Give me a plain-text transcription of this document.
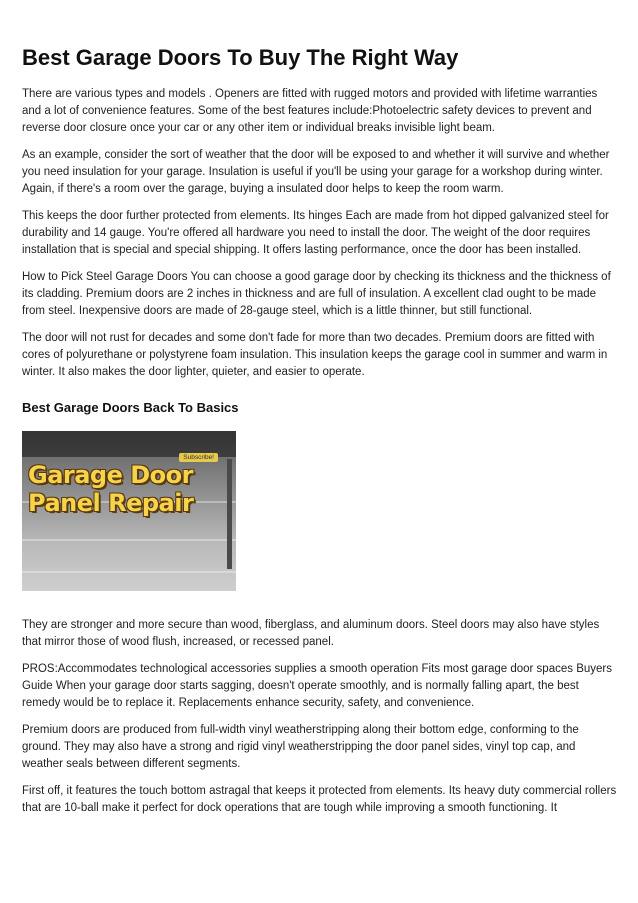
Best Garage Doors To Buy The Right Way

There are various types and models . Openers are fitted with rugged motors and provided with lifetime warranties and a lot of convenience features. Some of the best features include:Photoelectric safety devices to prevent and reverse door closure once your car or any other item or individual breaks invisible light beam.

As an example, consider the sort of weather that the door will be exposed to and whether it will survive and whether you need insulation for your garage. Insulation is useful if you'll be using your garage for a workshop during winter. Again, if there's a room over the garage, buying a insulated door helps to keep the room warm.

This keeps the door further protected from elements. Its hinges Each are made from hot dipped galvanized steel for durability and 14 gauge. You're offered all hardware you need to install the door. The weight of the door requires installation that is special and special shipping. It offers lasting performance, once the door has been installed.

How to Pick Steel Garage Doors You can choose a good garage door by checking its thickness and the thickness of its cladding. Premium doors are 2 inches in thickness and are full of insulation. A excellent clad ought to be made from steel. Inexpensive doors are made of 28-gauge steel, which is a little thinner, but still functional.

The door will not rust for decades and some don't fade for more than two decades. Premium doors are fitted with cores of polyurethane or polystyrene foam insulation. This insulation keeps the garage cool in summer and warm in winter. It also makes the door lighter, quieter, and easier to operate.

Best Garage Doors Back To Basics
Subscribe!
Garage Door
Panel Repair

They are stronger and more secure than wood, fiberglass, and aluminum doors. Steel doors may also have styles that mirror those of wood flush, increased, or recessed panel.

PROS:Accommodates technological accessories supplies a smooth operation Fits most garage door spaces Buyers Guide When your garage door starts sagging, doesn't operate smoothly, and is normally falling apart, the best remedy would be to replace it. Replacements enhance security, safety, and convenience.

Premium doors are produced from full-width vinyl weatherstripping along their bottom edge, conforming to the ground. They may also have a strong and rigid vinyl weatherstripping the door panel sides, vinyl top cap, and weather seals between different segments.

First off, it features the touch bottom astragal that keeps it protected from elements. Its heavy duty commercial rollers that are 10-ball make it perfect for dock operations that are tough while improving a smooth functioning. It
